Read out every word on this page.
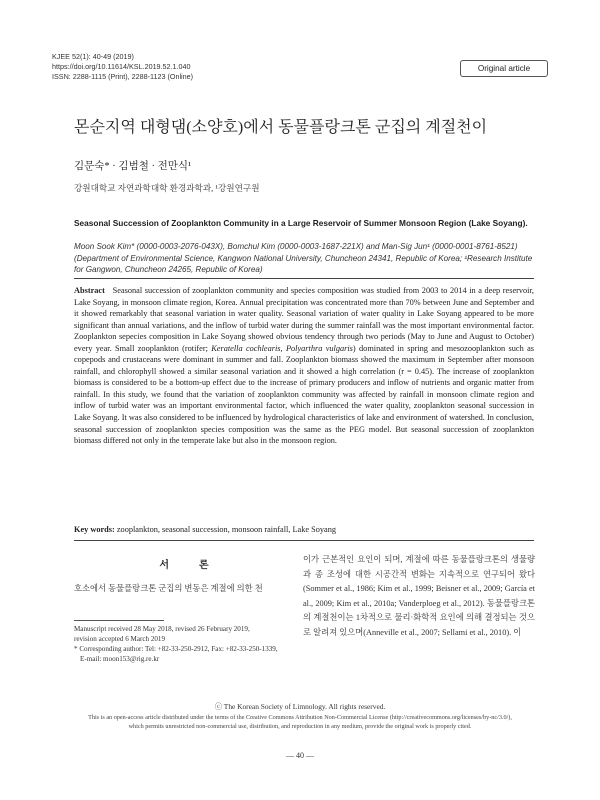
KJEE 52(1): 40-49 (2019)
https://doi.org/10.11614/KSL.2019.52.1.040
ISSN: 2288-1115 (Print), 2288-1123 (Online)
Original article
몬순지역 대형댐(소양호)에서 동물플랑크톤 군집의 계절천이
김문숙* · 김범철 · 전만식¹
강원대학교 자연과학대학 환경과학과, ¹강원연구원
Seasonal Succession of Zooplankton Community in a Large Reservoir of Summer Monsoon Region (Lake Soyang).
Moon Sook Kim* (0000-0003-2076-043X), Bomchul Kim (0000-0003-1687-221X) and Man-Sig Jun¹ (0000-0001-8761-8521) (Department of Environmental Science, Kangwon National University, Chuncheon 24341, Republic of Korea; ¹Research Institute for Gangwon, Chuncheon 24265, Republic of Korea)
Abstract Seasonal succession of zooplankton community and species composition was studied from 2003 to 2014 in a deep reservoir, Lake Soyang, in monsoon climate region, Korea. Annual precipitation was concentrated more than 70% between June and September and it showed remarkably that seasonal variation in water quality. Seasonal variation of water quality in Lake Soyang appeared to be more significant than annual variations, and the inflow of turbid water during the summer rainfall was the most important environmental factor. Zooplankton sepecies composition in Lake Soyang showed obvious tendency through two periods (May to June and August to October) every year. Small zooplankton (rotifer; Keratella cochlearis, Polyarthra vulgaris) dominated in spring and mesozooplankton such as copepods and crustaceans were dominant in summer and fall. Zooplankton biomass showed the maximum in September after monsoon rainfall, and chlorophyll showed a similar seasonal variation and it showed a high correlation (r = 0.45). The increase of zooplankton biomass is considered to be a bottom-up effect due to the increase of primary producers and inflow of nutrients and organic matter from rainfall. In this study, we found that the variation of zooplankton community was affected by rainfall in monsoon climate region and inflow of turbid water was an important environmental factor, which influenced the water quality, zooplankton seasonal succession in Lake Soyang. It was also considered to be influenced by hydrological characteristics of lake and environment of watershed. In conclusion, seasonal succession of zooplankton species composition was the same as the PEG model. But seasonal succession of zooplankton biomass differed not only in the temperate lake but also in the monsoon region.
Key words: zooplankton, seasonal succession, monsoon rainfall, Lake Soyang
서론
호소에서 동물플랑크톤 군집의 변동은 계절에 의한 천
Manuscript received 28 May 2018, revised 26 February 2019,
revision accepted 6 March 2019
* Corresponding author: Tel: +82-33-250-2912, Fax: +82-33-250-1339,
E-mail: moon153@rig.re.kr
이가 근본적인 요인이 되며, 계절에 따른 동물플랑크톤의 생물량과 종 조성에 대한 시공간적 변화는 지속적으로 연구되어 왔다 (Sommer et al., 1986; Kim et al., 1999; Beisner et al., 2009; García et al., 2009; Kim et al., 2010a; Vanderploeg et al., 2012). 동물플랑크톤의 계절천이는 1차적으로 물리·화학적 요인에 의해 결정되는 것으로 알려져 있으며(Anneville et al., 2007; Sellami et al., 2010). 이
ⓒ The Korean Society of Limnology. All rights reserved.
This is an open-access article distributed under the terms of the Creative Commons Attribution Non-Commercial License (http://creativecommons.org/licenses/by-nc/3.0/),
which permits unrestricted non-commercial use, distribution, and reproduction in any medium, provide the original work is properly cited.
— 40 —
